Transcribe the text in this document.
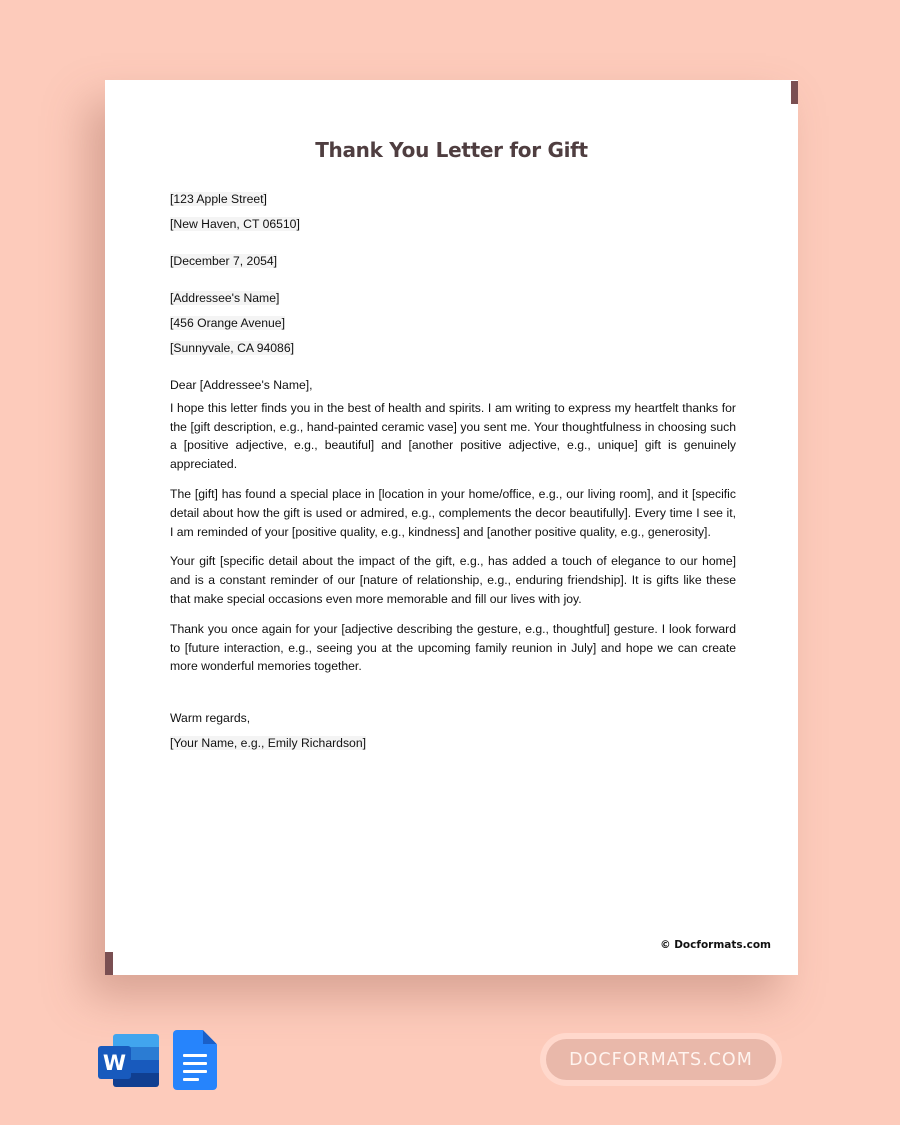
Thank You Letter for Gift
[123 Apple Street]
[New Haven, CT 06510]
[December 7, 2054]
[Addressee's Name]
[456 Orange Avenue]
[Sunnyvale, CA 94086]
Dear [Addressee's Name],
I hope this letter finds you in the best of health and spirits. I am writing to express my heartfelt thanks for the [gift description, e.g., hand-painted ceramic vase] you sent me. Your thoughtfulness in choosing such a [positive adjective, e.g., beautiful] and [another positive adjective, e.g., unique] gift is genuinely appreciated.
The [gift] has found a special place in [location in your home/office, e.g., our living room], and it [specific detail about how the gift is used or admired, e.g., complements the decor beautifully]. Every time I see it, I am reminded of your [positive quality, e.g., kindness] and [another positive quality, e.g., generosity].
Your gift [specific detail about the impact of the gift, e.g., has added a touch of elegance to our home] and is a constant reminder of our [nature of relationship, e.g., enduring friendship]. It is gifts like these that make special occasions even more memorable and fill our lives with joy.
Thank you once again for your [adjective describing the gesture, e.g., thoughtful] gesture. I look forward to [future interaction, e.g., seeing you at the upcoming family reunion in July] and hope we can create more wonderful memories together.
Warm regards,
[Your Name, e.g., Emily Richardson]
© Docformats.com
W	DOCFORMATS.COM
